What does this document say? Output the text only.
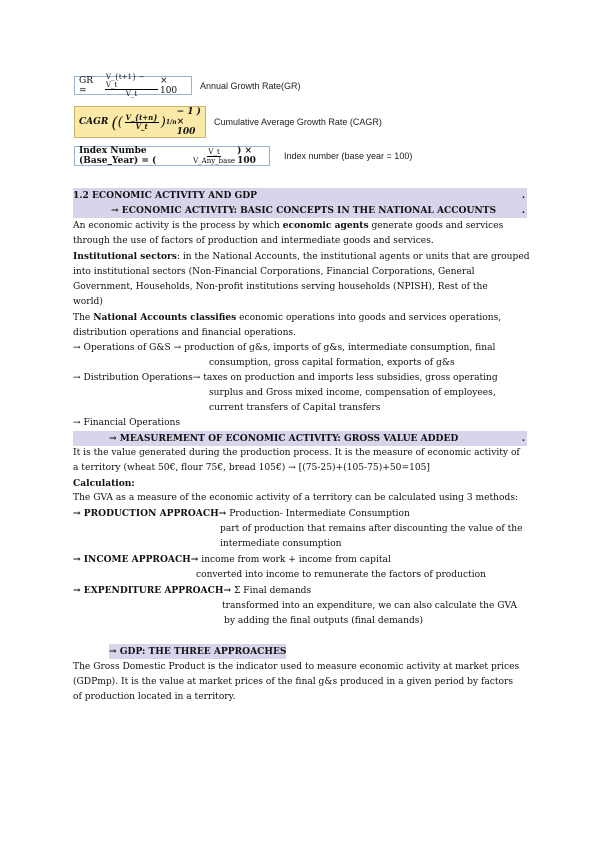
GR =	$\frac{V\_\{t+1\} - V\_t}{V\_t} \times 100$	Annual Growth Rate(GR)
CAGR ( ( $\frac{V\_\{t+n\}}{V\_t}$ ) 1/n
− 1 ) × 100
Cumulative Average Growth Rate (CAGR)
Index Numbe (Base_Year) = (	$\frac{V\_t}{\text{V\_Any\_base}}$ ) × 100	Index number (base year = 100)
1.2 ECONOMIC ACTIVITY AND GDP	.
→ ECONOMIC ACTIVITY: BASIC CONCEPTS IN THE NATIONAL ACCOUNTS	.
An economic activity is the process by which economic agents generate goods and services
through the use of factors of production and intermediate goods and services.
Institutional sectors: in the National Accounts, the institutional agents or units that are grouped
into institutional sectors (Non-Financial Corporations, Financial Corporations, General
Government, Households, Non-profit institutions serving households (NPISH), Rest of the
world)
The National Accounts classifies economic operations into goods and services operations,
distribution operations and financial operations.
→ Operations of G&S → production of g&s, imports of g&s, intermediate consumption, final
consumption, gross capital formation, exports of g&s
→ Distribution Operations→ taxes on production and imports less subsidies, gross operating
surplus and Gross mixed income, compensation of employees,
current transfers of Capital transfers
→ Financial Operations
→ MEASUREMENT OF ECONOMIC ACTIVITY: GROSS VALUE ADDED	.
It is the value generated during the production process. It is the measure of economic activity of
a territory (wheat 50€, flour 75€, bread 105€) → [(75-25)+(105-75)+50=105]
Calculation:
The GVA as a measure of the economic activity of a territory can be calculated using 3 methods:
→ PRODUCTION APPROACH→ Production- Intermediate Consumption
part of production that remains after discounting the value of the
intermediate consumption
→ INCOME APPROACH→ income from work + income from capital
converted into income to remunerate the factors of production
→ EXPENDITURE APPROACH→ Σ Final demands
transformed into an expenditure, we can also calculate the GVA
by adding the final outputs (final demands)
→ GDP: THE THREE APPROACHES
The Gross Domestic Product is the indicator used to measure economic activity at market prices
(GDPmp). It is the value at market prices of the final g&s produced in a given period by factors
of production located in a territory.
